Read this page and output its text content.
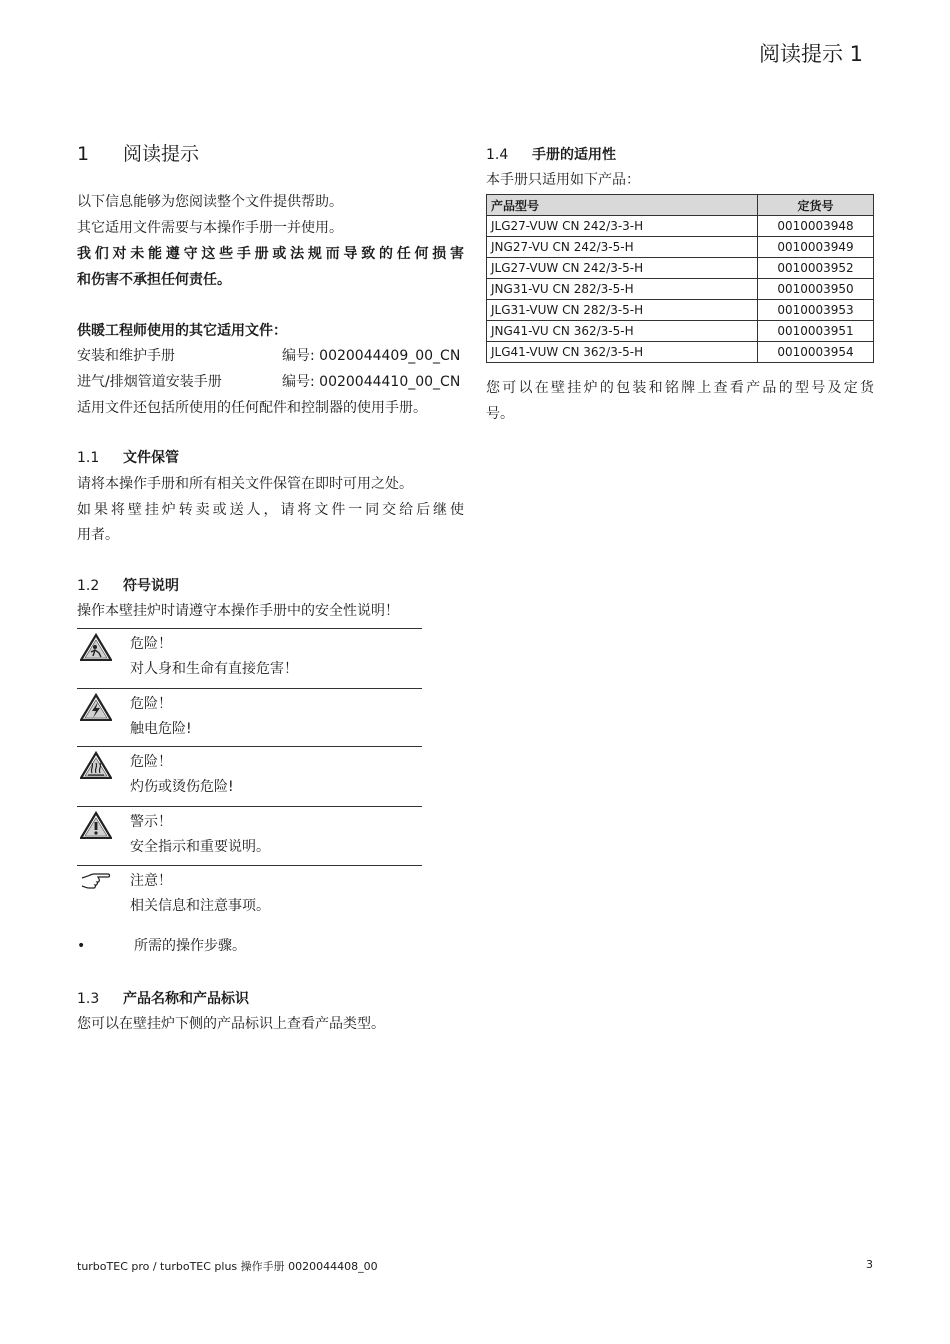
阅读提示 1
1 阅读提示
以下信息能够为您阅读整个文件提供帮助。
其它适用文件需要与本操作手册一并使用。
我们对未能遵守这些手册或法规而导致的任何损害
和伤害不承担任何责任。
供暖工程师使用的其它适用文件：
安装和维护手册	编号: 0020044409_00_CN
进气/排烟管道安装手册	编号: 0020044410_00_CN
适用文件还包括所使用的任何配件和控制器的使用手册。
1.1 文件保管
请将本操作手册和所有相关文件保管在即时可用之处。
如果将壁挂炉转卖或送人，请将文件一同交给后继使
用者。
1.2 符号说明
操作本壁挂炉时请遵守本操作手册中的安全性说明！
危险！
对人身和生命有直接危害！
危险！
触电危险!
危险！
灼伤或烫伤危险!
警示！
安全指示和重要说明。
注意！
相关信息和注意事项。
•	所需的操作步骤。
1.3 产品名称和产品标识
您可以在壁挂炉下侧的产品标识上查看产品类型。
1.4 手册的适用性
本手册只适用如下产品：
产品型号	定货号
JLG27-VUW CN 242/3-3-H	0010003948
JNG27-VU CN 242/3-5-H	0010003949
JLG27-VUW CN 242/3-5-H	0010003952
JNG31-VU CN 282/3-5-H	0010003950
JLG31-VUW CN 282/3-5-H	0010003953
JNG41-VU CN 362/3-5-H	0010003951
JLG41-VUW CN 362/3-5-H	0010003954
您可以在壁挂炉的包装和铭牌上查看产品的型号及定货
号。
turboTEC pro / turboTEC plus 操作手册 0020044408_00	3
